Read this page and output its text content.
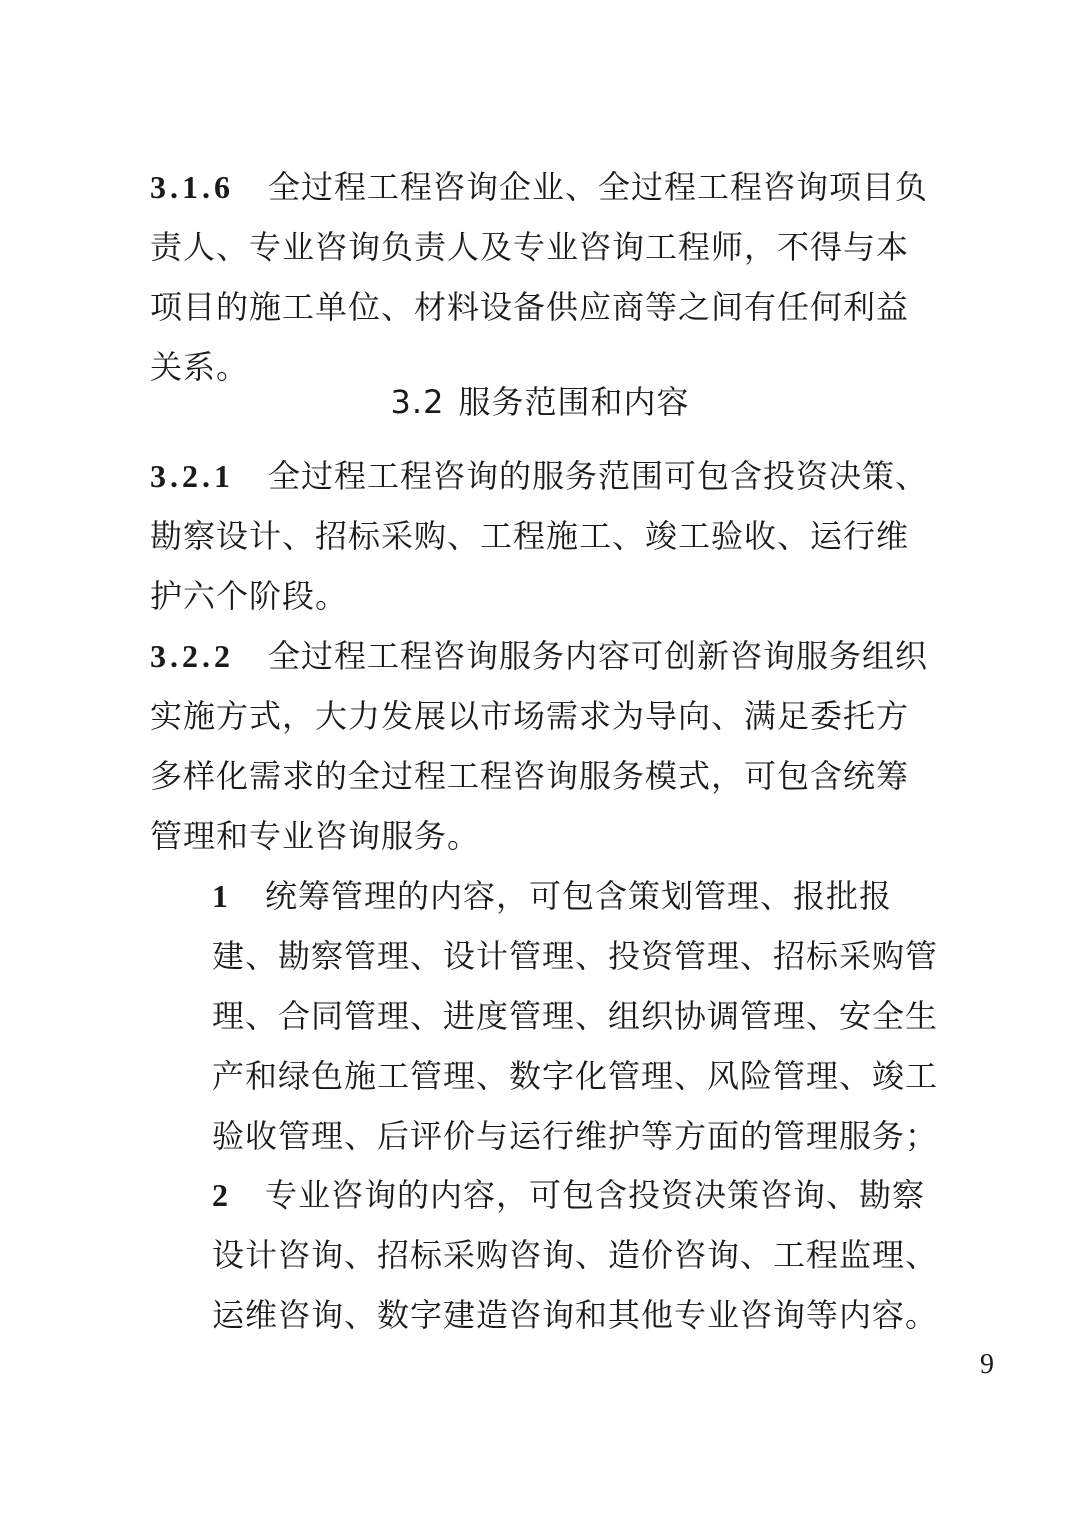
3.1.6 全过程工程咨询企业、全过程工程咨询项目负责人、专业咨询负责人及专业咨询工程师，不得与本项目的施工单位、材料设备供应商等之间有任何利益关系。

3.2 服务范围和内容

3.2.1 全过程工程咨询的服务范围可包含投资决策、勘察设计、招标采购、工程施工、竣工验收、运行维护六个阶段。

3.2.2 全过程工程咨询服务内容可创新咨询服务组织实施方式，大力发展以市场需求为导向、满足委托方多样化需求的全过程工程咨询服务模式，可包含统筹管理和专业咨询服务。

1 统筹管理的内容，可包含策划管理、报批报建、勘察管理、设计管理、投资管理、招标采购管理、合同管理、进度管理、组织协调管理、安全生产和绿色施工管理、数字化管理、风险管理、竣工验收管理、后评价与运行维护等方面的管理服务；

2 专业咨询的内容，可包含投资决策咨询、勘察设计咨询、招标采购咨询、造价咨询、工程监理、运维咨询、数字建造咨询和其他专业咨询等内容。

9
